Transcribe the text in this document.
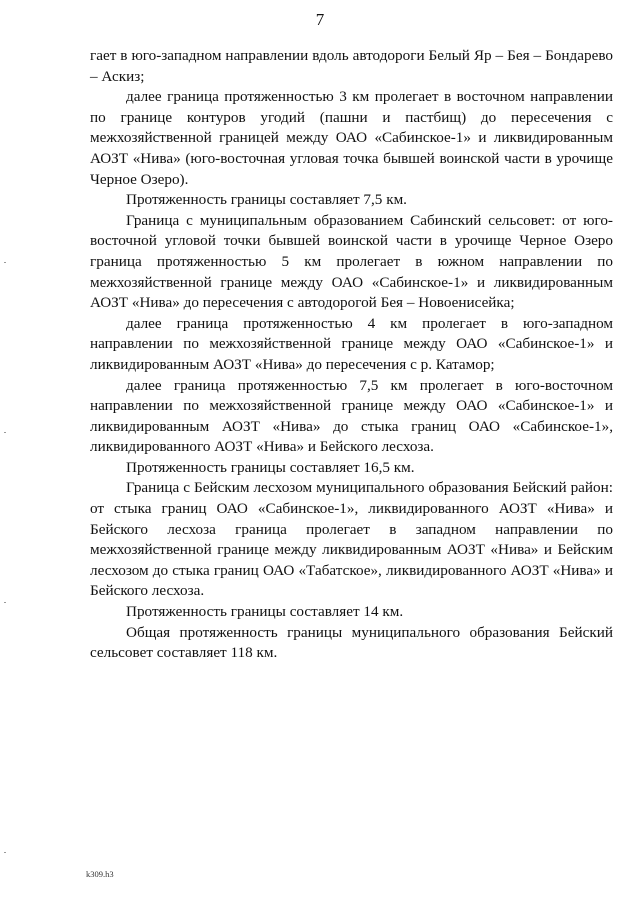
7

гает в юго-западном направлении вдоль автодороги Белый Яр – Бея – Бондарево – Аскиз;

далее граница протяженностью 3 км пролегает в восточном направлении по границе контуров угодий (пашни и пастбищ) до пересечения с межхозяйственной границей между ОАО «Сабинское-1» и ликвидированным АОЗТ «Нива» (юго-восточная угловая точка бывшей воинской части в урочище Черное Озеро).

Протяженность границы составляет 7,5 км.

Граница с муниципальным образованием Сабинский сельсовет: от юго-восточной угловой точки бывшей воинской части в урочище Черное Озеро граница протяженностью 5 км пролегает в южном направлении по межхозяйственной границе между ОАО «Сабинское-1» и ликвидированным АОЗТ «Нива» до пересечения с автодорогой Бея – Новоенисейка;

далее граница протяженностью 4 км пролегает в юго-западном направлении по межхозяйственной границе между ОАО «Сабинское-1» и ликвидированным АОЗТ «Нива» до пересечения с р. Катамор;

далее граница протяженностью 7,5 км пролегает в юго-восточном направлении по межхозяйственной границе между ОАО «Сабинское-1» и ликвидированным АОЗТ «Нива» до стыка границ ОАО «Сабинское-1», ликвидированного АОЗТ «Нива» и Бейского лесхоза.

Протяженность границы составляет 16,5 км.

Граница с Бейским лесхозом муниципального образования Бейский район: от стыка границ ОАО «Сабинское-1», ликвидированного АОЗТ «Нива» и Бейского лесхоза граница пролегает в западном направлении по межхозяйственной границе между ликвидированным АОЗТ «Нива» и Бейским лесхозом до стыка границ ОАО «Табатское», ликвидированного АОЗТ «Нива» и Бейского лесхоза.

Протяженность границы составляет 14 км.

Общая протяженность границы муниципального образования Бейский сельсовет составляет 118 км.

k309.h3
